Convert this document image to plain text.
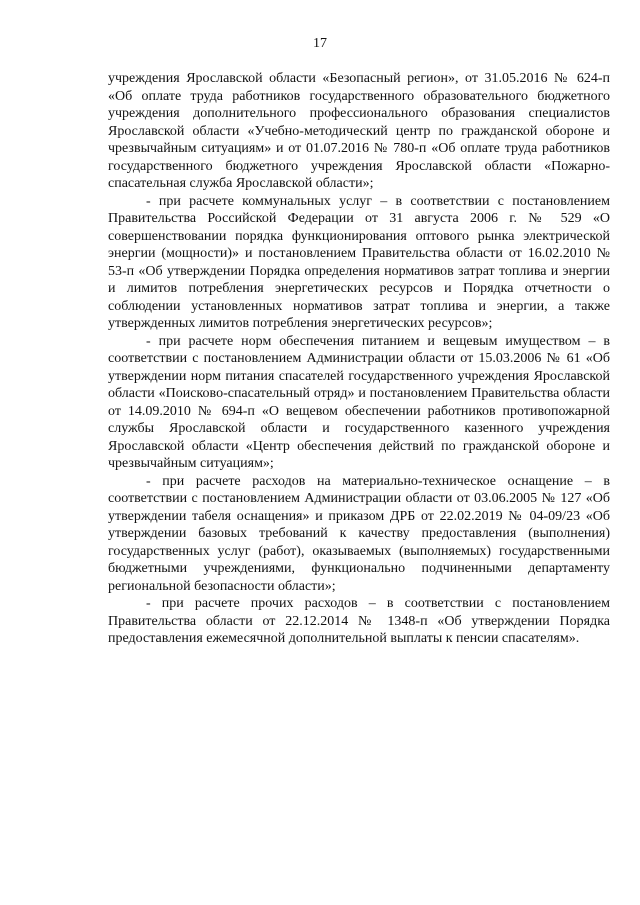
17

учреждения Ярославской области «Безопасный регион», от 31.05.2016 № 624-п «Об оплате труда работников государственного образовательного бюджетного учреждения дополнительного профессионального образования специалистов Ярославской области «Учебно-методический центр по гражданской обороне и чрезвычайным ситуациям» и от 01.07.2016 № 780-п «Об оплате труда работников государственного бюджетного учреждения Ярославской области «Пожарно-спасательная служба Ярославской области»;

- при расчете коммунальных услуг – в соответствии с постановлением Правительства Российской Федерации от 31 августа 2006 г. № 529 «О совершенствовании порядка функционирования оптового рынка электрической энергии (мощности)» и постановлением Правительства области от 16.02.2010 № 53-п «Об утверждении Порядка определения нормативов затрат топлива и энергии и лимитов потребления энергетических ресурсов и Порядка отчетности о соблюдении установленных нормативов затрат топлива и энергии, а также утвержденных лимитов потребления энергетических ресурсов»;

- при расчете норм обеспечения питанием и вещевым имуществом – в соответствии с постановлением Администрации области от 15.03.2006 № 61 «Об утверждении норм питания спасателей государственного учреждения Ярославской области «Поисково-спасательный отряд» и постановлением Правительства области от 14.09.2010 № 694-п «О вещевом обеспечении работников противопожарной службы Ярославской области и государственного казенного учреждения Ярославской области «Центр обеспечения действий по гражданской обороне и чрезвычайным ситуациям»;

- при расчете расходов на материально-техническое оснащение – в соответствии с постановлением Администрации области от 03.06.2005 № 127 «Об утверждении табеля оснащения» и приказом ДРБ от 22.02.2019 № 04-09/23 «Об утверждении базовых требований к качеству предоставления (выполнения) государственных услуг (работ), оказываемых (выполняемых) государственными бюджетными учреждениями, функционально подчиненными департаменту региональной безопасности области»;

- при расчете прочих расходов – в соответствии с постановлением Правительства области от 22.12.2014 № 1348-п «Об утверждении Порядка предоставления ежемесячной дополнительной выплаты к пенсии спасателям».
